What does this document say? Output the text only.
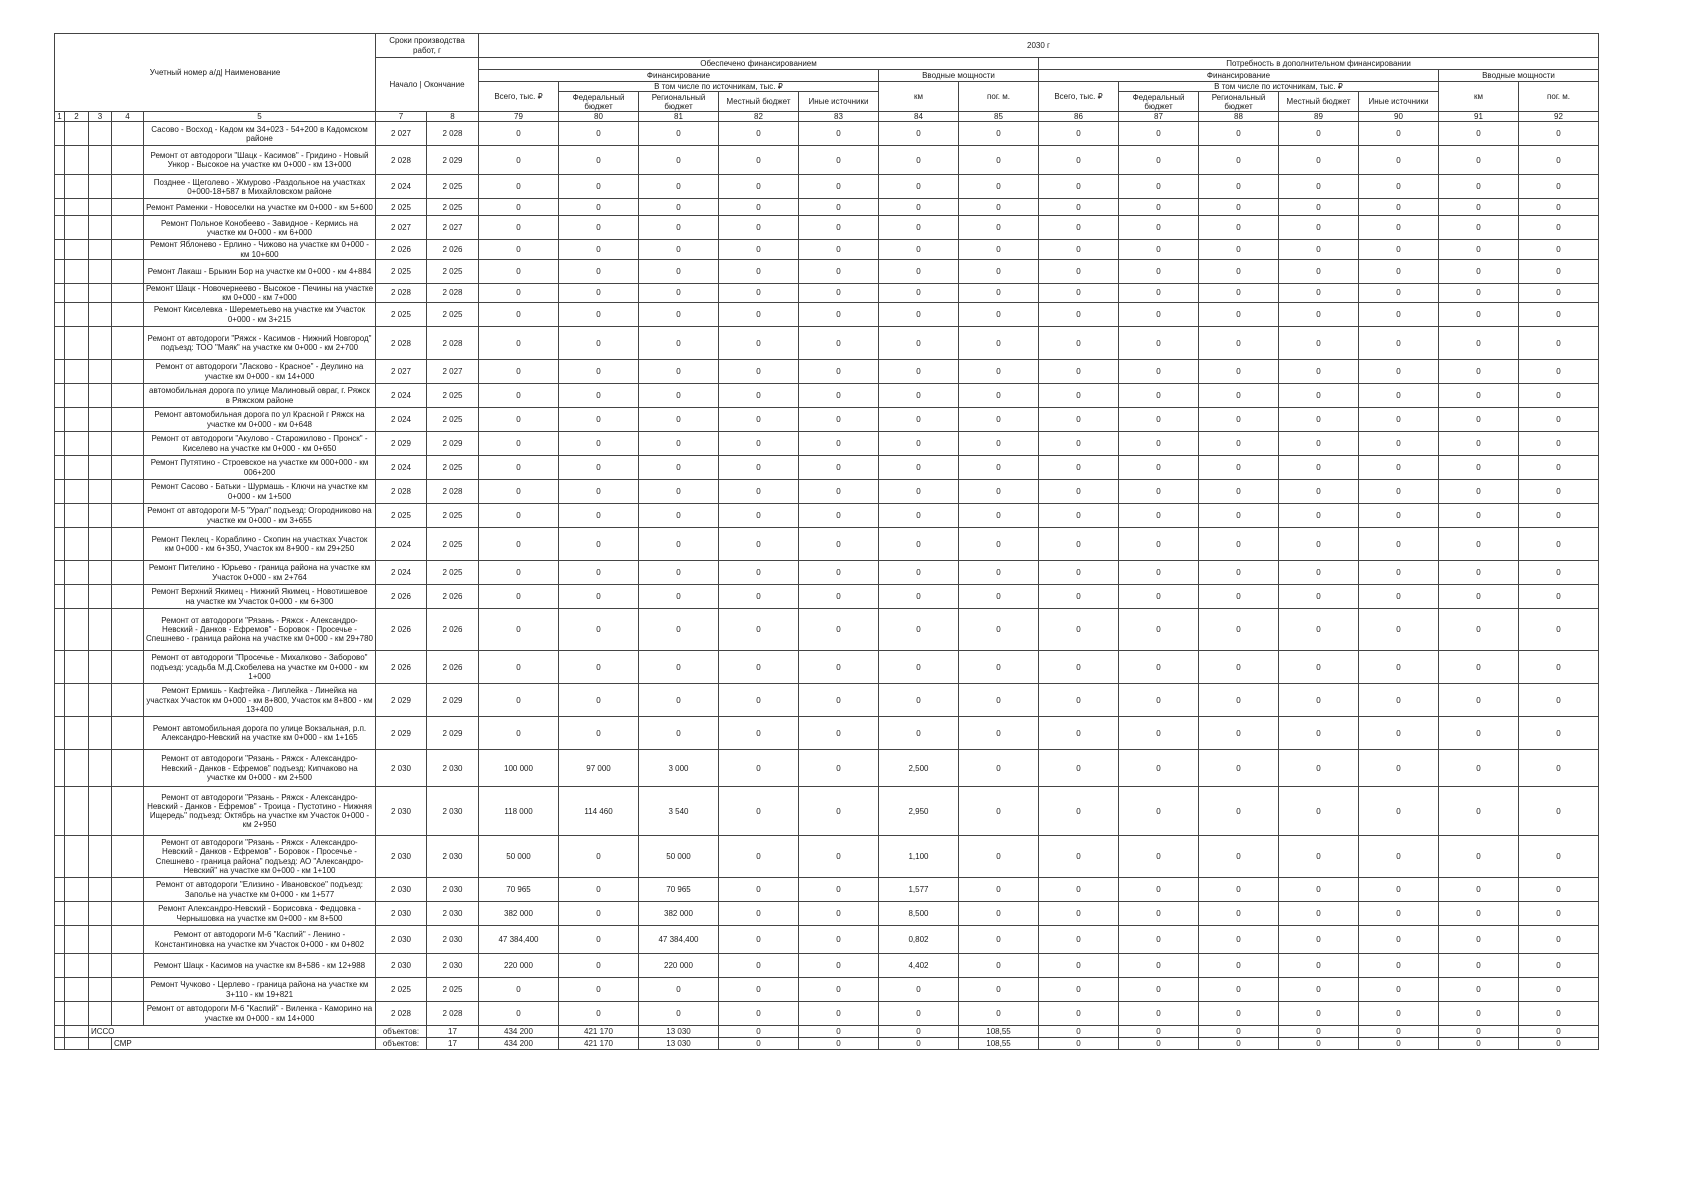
Учетный номер а/д| Наименование					Сроки производства работ, г		2030 г													
					Начало | Окончание		Обеспечено финансированием							Потребность в дополнительном финансировании						
							Финансирование					Вводные мощности		Финансирование					Вводные мощности	
							Всего, тыс. ₽	В том числе по источникам, тыс. ₽				км	пог. м.	Всего, тыс. ₽	В том числе по источникам, тыс. ₽				км	пог. м.
								Федеральный бюджет	Региональный бюджет	Местный бюджет	Иные источники				Федеральный бюджет	Региональный бюджет	Местный бюджет	Иные источники		
1	2	3	4	5	7	8	79	80	81	82	83	84	85	86	87	88	89	90	91	92
				Сасово - Восход - Кадом км 34+023 - 54+200 в Кадомском районе	2 027	2 028	0	0	0	0	0	0	0	0	0	0	0	0	0	0
				Ремонт от автодороги "Шацк - Касимов" - Гридино - Новый Ункор - Высокое на участке км 0+000 - км 13+000	2 028	2 029	0	0	0	0	0	0	0	0	0	0	0	0	0	0
				Позднее - Щеголево - Жмурово -Раздольное на участках 0+000-18+587 в Михайловском районе	2 024	2 025	0	0	0	0	0	0	0	0	0	0	0	0	0	0
				Ремонт Раменки - Новоселки на участке км 0+000 - км 5+600	2 025	2 025	0	0	0	0	0	0	0	0	0	0	0	0	0	0
				Ремонт Польное Конобеево - Завидное - Кермись на участке км 0+000 - км 6+000	2 027	2 027	0	0	0	0	0	0	0	0	0	0	0	0	0	0
				Ремонт Яблонево - Ерлино - Чижово на участке км 0+000 - км 10+600	2 026	2 026	0	0	0	0	0	0	0	0	0	0	0	0	0	0
				Ремонт Лакаш - Брыкин Бор на участке км 0+000 - км 4+884	2 025	2 025	0	0	0	0	0	0	0	0	0	0	0	0	0	0
				Ремонт Шацк - Новочернеево - Высокое - Печины на участке км 0+000 - км 7+000	2 028	2 028	0	0	0	0	0	0	0	0	0	0	0	0	0	0
				Ремонт Киселевка - Шереметьево на участке км Участок 0+000 - км 3+215	2 025	2 025	0	0	0	0	0	0	0	0	0	0	0	0	0	0
				Ремонт от автодороги "Ряжск - Касимов - Нижний Новгород" подъезд: ТОО "Маяк" на участке км 0+000 - км 2+700	2 028	2 028	0	0	0	0	0	0	0	0	0	0	0	0	0	0
				Ремонт от автодороги "Ласково - Красное" - Деулино на участке км 0+000 - км 14+000	2 027	2 027	0	0	0	0	0	0	0	0	0	0	0	0	0	0
				автомобильная дорога по улице Малиновый овраг, г. Ряжск в Ряжском районе	2 024	2 025	0	0	0	0	0	0	0	0	0	0	0	0	0	0
				Ремонт автомобильная дорога по ул Красной г Ряжск на участке км 0+000 - км 0+648	2 024	2 025	0	0	0	0	0	0	0	0	0	0	0	0	0	0
				Ремонт от автодороги "Акулово - Старожилово - Пронск" - Киселево на участке км 0+000 - км 0+650	2 029	2 029	0	0	0	0	0	0	0	0	0	0	0	0	0	0
				Ремонт Путятино - Строевское на участке км 000+000 - км 006+200	2 024	2 025	0	0	0	0	0	0	0	0	0	0	0	0	0	0
				Ремонт Сасово - Батьки - Шурмашь - Ключи на участке км 0+000 - км 1+500	2 028	2 028	0	0	0	0	0	0	0	0	0	0	0	0	0	0
				Ремонт от автодороги М-5 "Урал" подъезд: Огородниково на участке км 0+000 - км 3+655	2 025	2 025	0	0	0	0	0	0	0	0	0	0	0	0	0	0
				Ремонт Пеклец - Кораблино - Скопин на участках Участок км 0+000 - км 6+350, Участок км 8+900 - км 29+250	2 024	2 025	0	0	0	0	0	0	0	0	0	0	0	0	0	0
				Ремонт Пителино - Юрьево - граница района на участке км Участок 0+000 - км 2+764	2 024	2 025	0	0	0	0	0	0	0	0	0	0	0	0	0	0
				Ремонт Верхний Якимец - Нижний Якимец - Новотишевое на участке км Участок 0+000 - км 6+300	2 026	2 026	0	0	0	0	0	0	0	0	0	0	0	0	0	0
				Ремонт от автодороги "Рязань - Ряжск - Александро-Невский - Данков - Ефремов" - Боровок - Просечье - Спешнево - граница района на участке км 0+000 - км 29+780	2 026	2 026	0	0	0	0	0	0	0	0	0	0	0	0	0	0
				Ремонт от автодороги "Просечье - Михалково - Заборово" подъезд: усадьба М.Д.Скобелева на участке км 0+000 - км 1+000	2 026	2 026	0	0	0	0	0	0	0	0	0	0	0	0	0	0
				Ремонт Ермишь - Кафтейка - Липлейка - Линейка на участках Участок км 0+000 - км 8+800, Участок км 8+800 - км 13+400	2 029	2 029	0	0	0	0	0	0	0	0	0	0	0	0	0	0
				Ремонт автомобильная дорога по улице Вокзальная, р.п. Александро-Невский на участке км 0+000 - км 1+165	2 029	2 029	0	0	0	0	0	0	0	0	0	0	0	0	0	0
				Ремонт от автодороги "Рязань - Ряжск - Александро-Невский - Данков - Ефремов" подъезд: Кипчаково на участке км 0+000 - км 2+500	2 030	2 030	100 000	97 000	3 000	0	0	2,500	0	0	0	0	0	0	0	0
				Ремонт от автодороги "Рязань - Ряжск - Александро-Невский - Данков - Ефремов" - Троица - Пустотино - Нижняя Ищередь" подъезд: Октябрь на участке км Участок 0+000 - км 2+950	2 030	2 030	118 000	114 460	3 540	0	0	2,950	0	0	0	0	0	0	0	0
				Ремонт от автодороги "Рязань - Ряжск - Александро-Невский - Данков - Ефремов" - Боровок - Просечье - Спешнево - граница района" подъезд: АО "Александро-Невский" на участке км 0+000 - км 1+100	2 030	2 030	50 000	0	50 000	0	0	1,100	0	0	0	0	0	0	0	0
				Ремонт от автодороги "Елизино - Ивановское" подъезд: Заполье на участке км 0+000 - км 1+577	2 030	2 030	70 965	0	70 965	0	0	1,577	0	0	0	0	0	0	0	0
				Ремонт Александро-Невский - Борисовка - Федцовка - Чернышовка на участке км 0+000 - км 8+500	2 030	2 030	382 000	0	382 000	0	0	8,500	0	0	0	0	0	0	0	0
				Ремонт от автодороги М-6 "Каспий" - Ленино - Константиновка на участке км Участок 0+000 - км 0+802	2 030	2 030	47 384,400	0	47 384,400	0	0	0,802	0	0	0	0	0	0	0	0
				Ремонт Шацк - Касимов на участке км 8+586 - км 12+988	2 030	2 030	220 000	0	220 000	0	0	4,402	0	0	0	0	0	0	0	0
				Ремонт Чучково - Церлево - граница района на участке км 3+110 - км 19+821	2 025	2 025	0	0	0	0	0	0	0	0	0	0	0	0	0	0
				Ремонт от автодороги М-6 "Каспий" - Виленка - Каморино на участке км 0+000 - км 14+000	2 028	2 028	0	0	0	0	0	0	0	0	0	0	0	0	0	0
		ИССО			объектов:	17	434 200	421 170	13 030	0	0	0	108,55	0	0	0	0	0	0	0
			СМР		объектов:	17	434 200	421 170	13 030	0	0	0	108,55	0	0	0	0	0	0	0
